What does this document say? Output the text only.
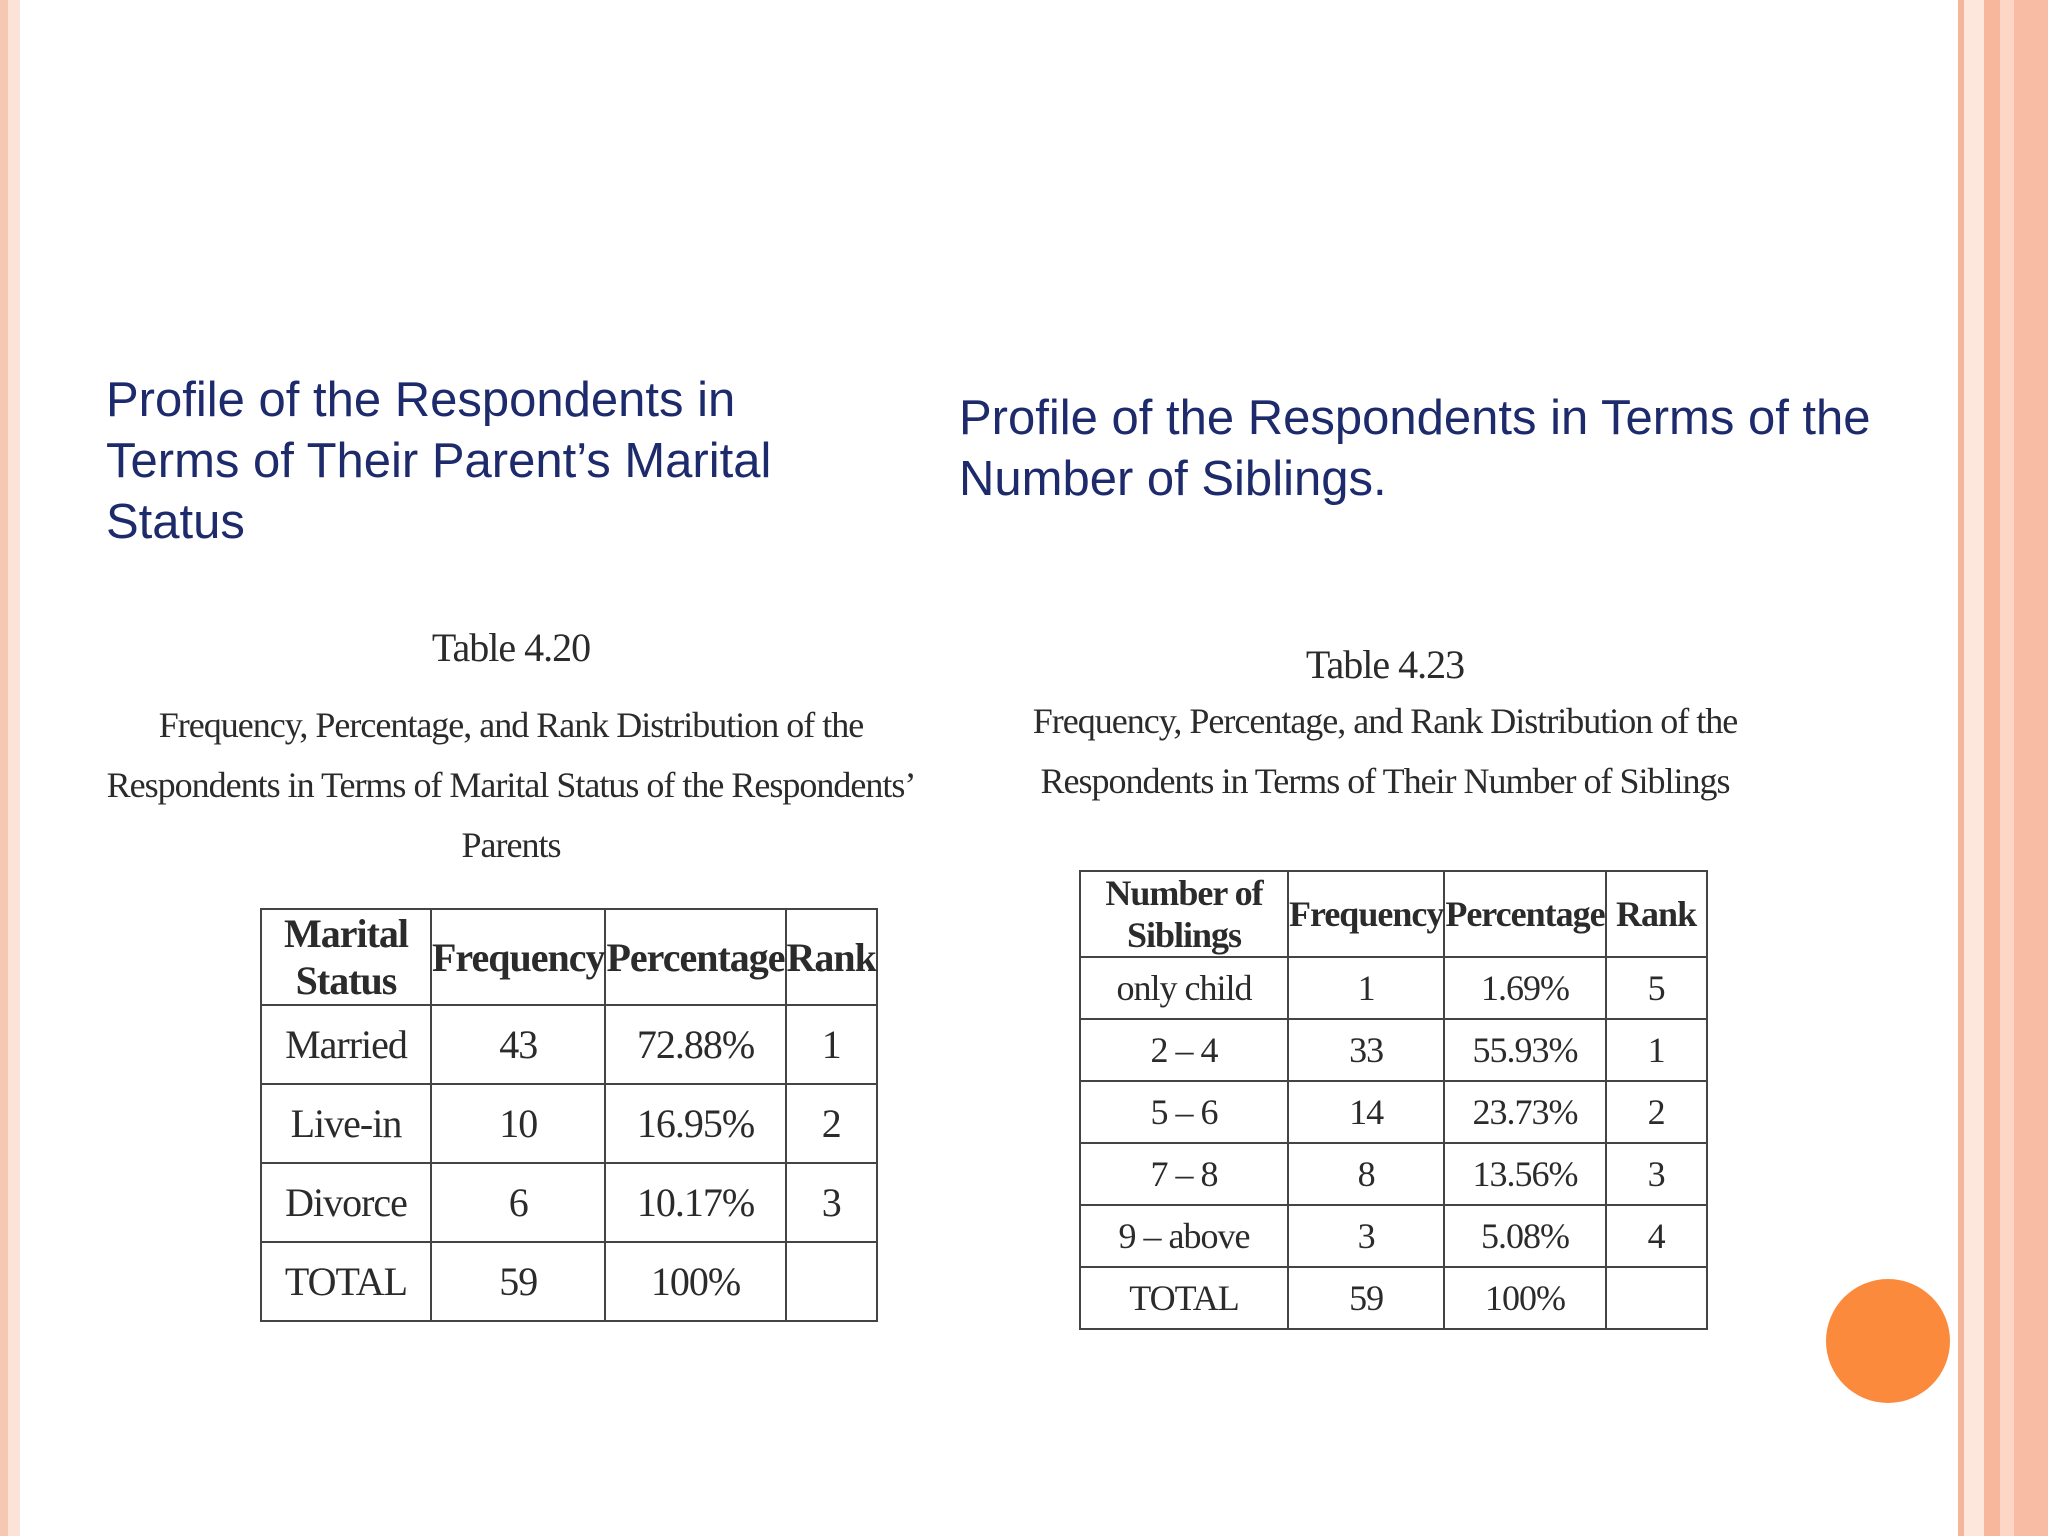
Profile of the Respondents in Terms of Their Parent’s Marital Status
Profile of the Respondents in Terms of the Number of Siblings.
Table 4.20
Frequency, Percentage, and Rank Distribution of the Respondents in Terms of Marital Status of the Respondents’ Parents
Table 4.23
Frequency, Percentage, and Rank Distribution of the Respondents in Terms of Their Number of Siblings
Marital Status	Frequency	Percentage	Rank
Married	43	72.88%	1
Live-in	10	16.95%	2
Divorce	6	10.17%	3
TOTAL	59	100%	
Number of Siblings	Frequency	Percentage	Rank
only child	1	1.69%	5
2 – 4	33	55.93%	1
5 – 6	14	23.73%	2
7 – 8	8	13.56%	3
9 – above	3	5.08%	4
TOTAL	59	100%	
